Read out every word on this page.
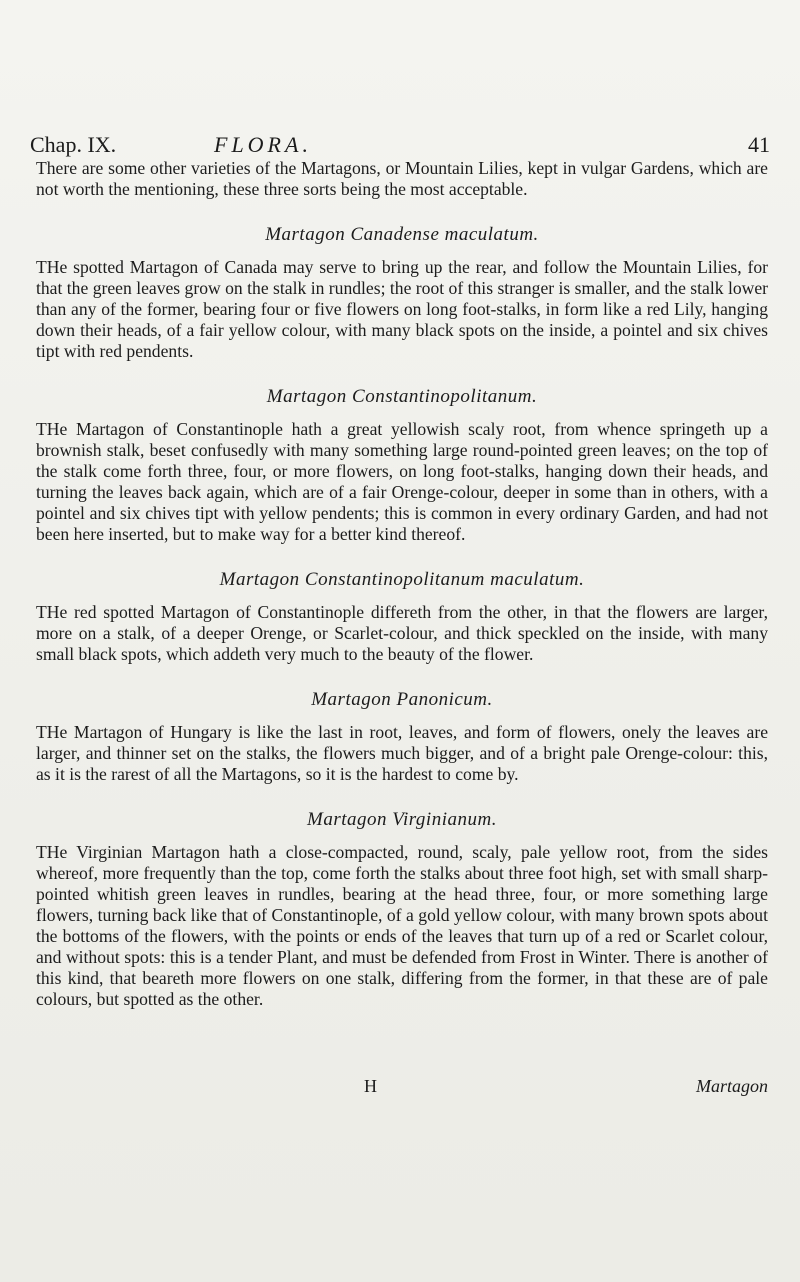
Chap. IX.	FLORA.	41

There are some other varieties of the Martagons, or Mountain Lilies, kept in vulgar Gardens, which are not worth the mentioning, these three sorts being the most acceptable.

Martagon Canadense maculatum.

THe spotted Martagon of Canada may serve to bring up the rear, and follow the Mountain Lilies, for that the green leaves grow on the stalk in rundles; the root of this stranger is smaller, and the stalk lower than any of the former, bearing four or five flowers on long foot-stalks, in form like a red Lily, hanging down their heads, of a fair yellow colour, with many black spots on the inside, a pointel and six chives tipt with red pendents.

Martagon Constantinopolitanum.

THe Martagon of Constantinople hath a great yellowish scaly root, from whence springeth up a brownish stalk, beset confusedly with many something large round-pointed green leaves; on the top of the stalk come forth three, four, or more flowers, on long foot-stalks, hanging down their heads, and turning the leaves back again, which are of a fair Orenge-colour, deeper in some than in others, with a pointel and six chives tipt with yellow pendents; this is common in every ordinary Garden, and had not been here inserted, but to make way for a better kind thereof.

Martagon Constantinopolitanum maculatum.

THe red spotted Martagon of Constantinople differeth from the other, in that the flowers are larger, more on a stalk, of a deeper Orenge, or Scarlet-colour, and thick speckled on the inside, with many small black spots, which addeth very much to the beauty of the flower.

Martagon Panonicum.

THe Martagon of Hungary is like the last in root, leaves, and form of flowers, onely the leaves are larger, and thinner set on the stalks, the flowers much bigger, and of a bright pale Orenge-colour: this, as it is the rarest of all the Martagons, so it is the hardest to come by.

Martagon Virginianum.

THe Virginian Martagon hath a close-compacted, round, scaly, pale yellow root, from the sides whereof, more frequently than the top, come forth the stalks about three foot high, set with small sharp-pointed whitish green leaves in rundles, bearing at the head three, four, or more something large flowers, turning back like that of Constantinople, of a gold yellow colour, with many brown spots about the bottoms of the flowers, with the points or ends of the leaves that turn up of a red or Scarlet colour, and without spots: this is a tender Plant, and must be defended from Frost in Winter. There is another of this kind, that beareth more flowers on one stalk, differing from the former, in that these are of pale colours, but spotted as the other.

H	Martagon
